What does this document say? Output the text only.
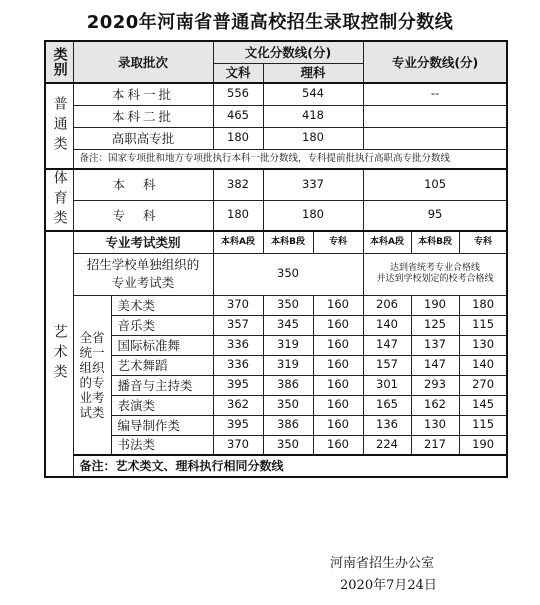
2020年河南省普通高校招生录取控制分数线
类别	录取批次		文化分数线(分)			专业分数线(分)		
			文科	理科				

普通类	本科一批		556	544		--		
	本科二批		465	418				
	高职高专批		180	180				
	备注：国家专项批和地方专项批执行本科一批分数线，专科提前批执行高职高专批分数线							

体育类	本科		382	337		105		
	专科		180	180		95		

艺术类	专业考试类别		本科A段	本科B段	专科	本科A段	本科B段	专科
	招生学校单独组织的专业考试类		350			达到省统考专业合格线
并达到学校划定的校考合格线		

	全省统一组织的专业考试类	美术类	370	350	160	206	190	180
		音乐类	357	345	160	140	125	115
		国际标准舞	336	319	160	147	137	130
		艺术舞蹈	336	319	160	157	147	140
		播音与主持类	395	386	160	301	293	270
		表演类	362	350	160	165	162	145
		编导制作类	395	386	160	136	130	115
		书法类	370	350	160	224	217	190
	备注：艺术类文、理科执行相同分数线							
河南省招生办公室
2020年7月24日
